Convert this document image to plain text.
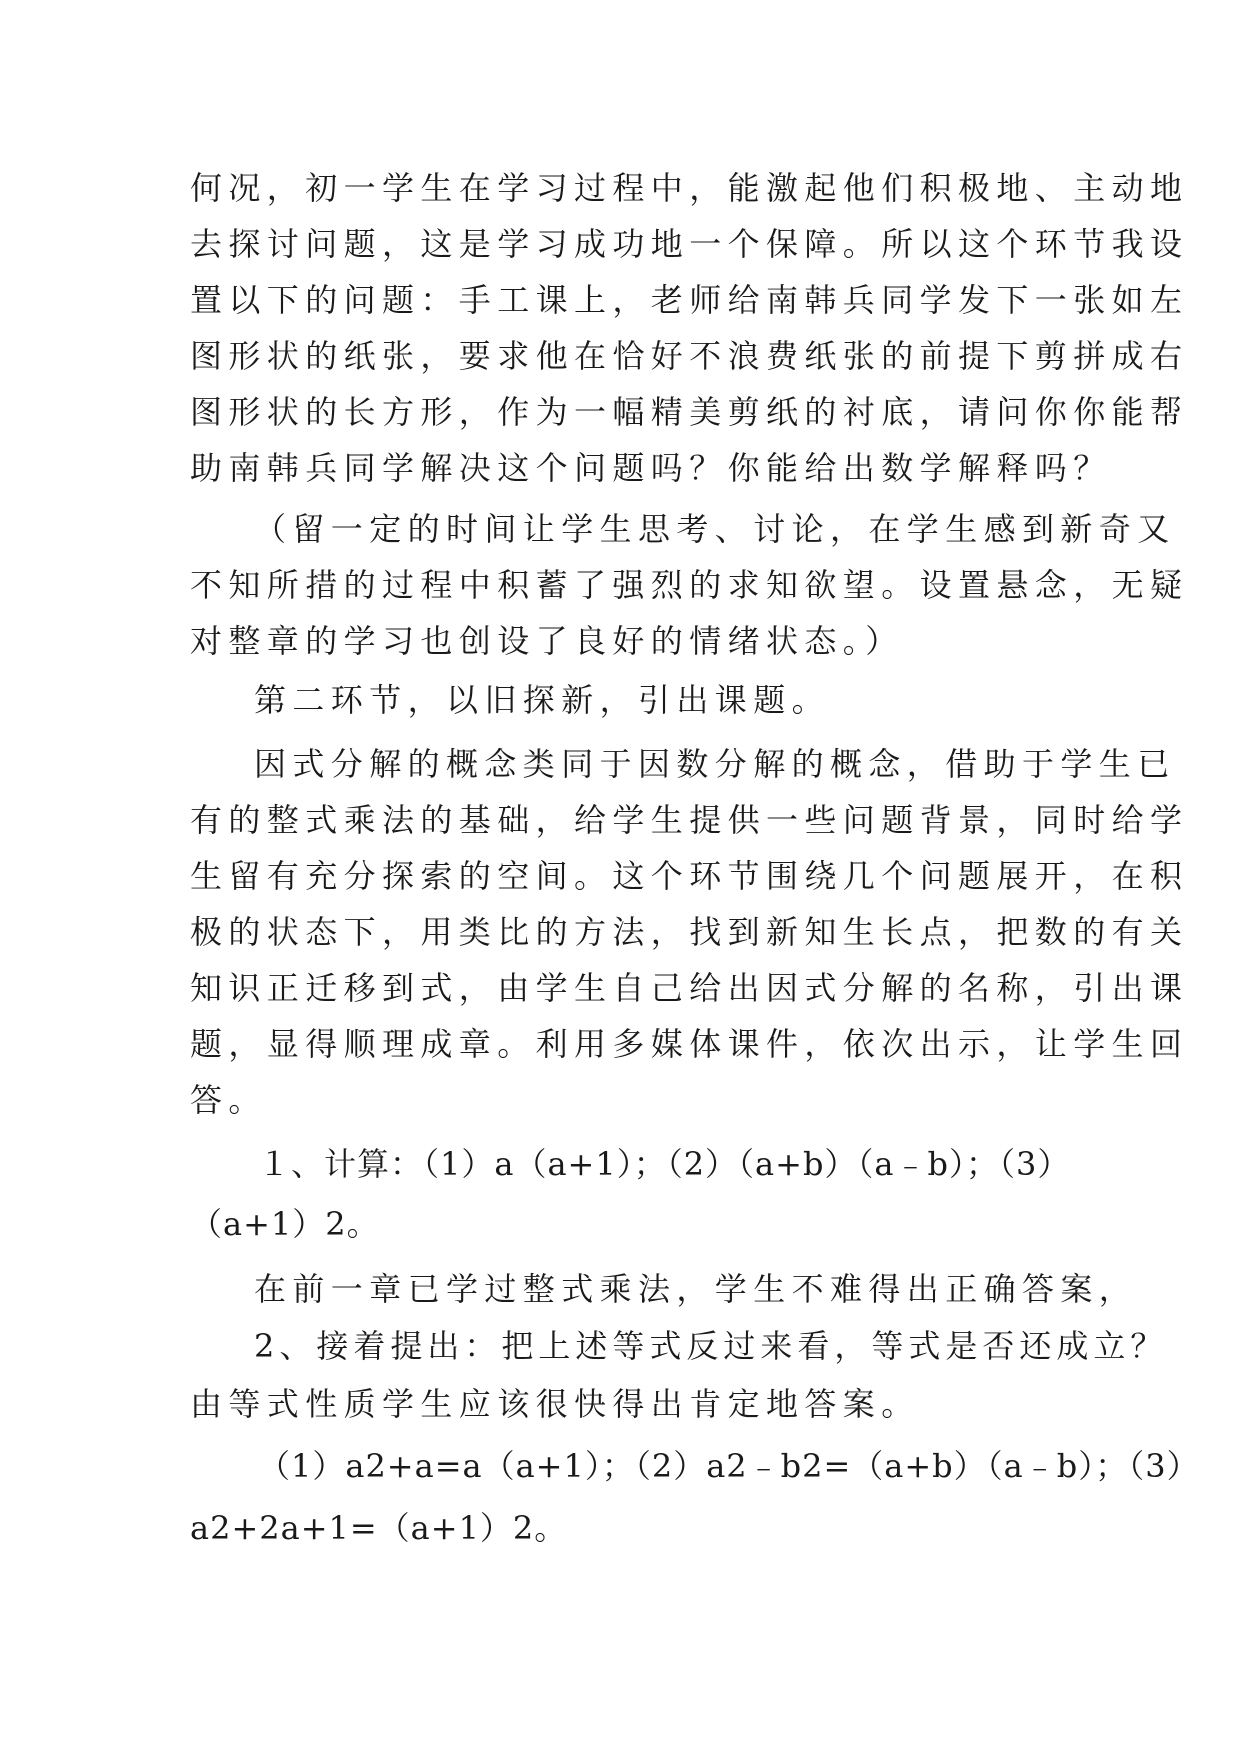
何况，初一学生在学习过程中，能激起他们积极地、主动地
去探讨问题，这是学习成功地一个保障。所以这个环节我设
置以下的问题：手工课上，老师给南韩兵同学发下一张如左
图形状的纸张，要求他在恰好不浪费纸张的前提下剪拼成右
图形状的长方形，作为一幅精美剪纸的衬底，请问你你能帮
助南韩兵同学解决这个问题吗？你能给出数学解释吗？
（留一定的时间让学生思考、讨论，在学生感到新奇又
不知所措的过程中积蓄了强烈的求知欲望。设置悬念，无疑
对整章的学习也创设了良好的情绪状态。）
第二环节，以旧探新，引出课题。
因式分解的概念类同于因数分解的概念，借助于学生已
有的整式乘法的基础，给学生提供一些问题背景，同时给学
生留有充分探索的空间。这个环节围绕几个问题展开，在积
极的状态下，用类比的方法，找到新知生长点，把数的有关
知识正迁移到式，由学生自己给出因式分解的名称，引出课
题，显得顺理成章。利用多媒体课件，依次出示，让学生回
答。
１、计算：（1）a（a+1）；（2）（a+b）（a﹣b）；（3）
（a+1）2。
在前一章已学过整式乘法，学生不难得出正确答案，
2、接着提出：把上述等式反过来看，等式是否还成立？
由等式性质学生应该很快得出肯定地答案。
（1）a2+a=a（a+1）；（2）a2﹣b2=（a+b）（a﹣b）；（3）
a2+2a+1=（a+1）2。
